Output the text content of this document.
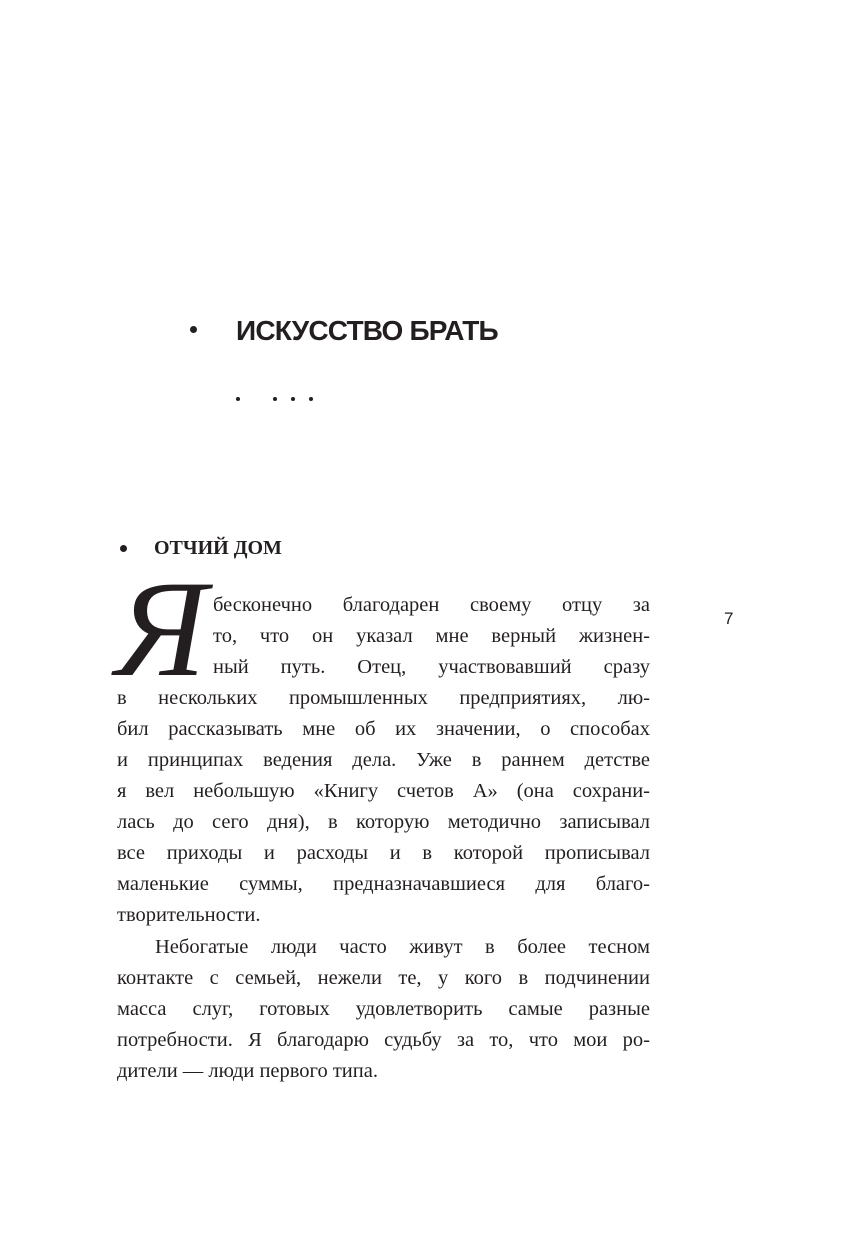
ИСКУССТВО БРАТЬ
ОТЧИЙ ДОМ
7
Я бесконечно благодарен своему отцу за
то, что он указал мне верный жизнен-
ный путь. Отец, участвовавший сразу
в нескольких промышленных предприятиях, лю-
бил рассказывать мне об их значении, о способах
и принципах ведения дела. Уже в раннем детстве
я вел небольшую «Книгу счетов А» (она сохрани-
лась до сего дня), в которую методично записывал
все приходы и расходы и в которой прописывал
маленькие суммы, предназначавшиеся для благо-
творительности.
Небогатые люди часто живут в более тесном
контакте с семьей, нежели те, у кого в подчинении
масса слуг, готовых удовлетворить самые разные
потребности. Я благодарю судьбу за то, что мои ро-
дители — люди первого типа.
